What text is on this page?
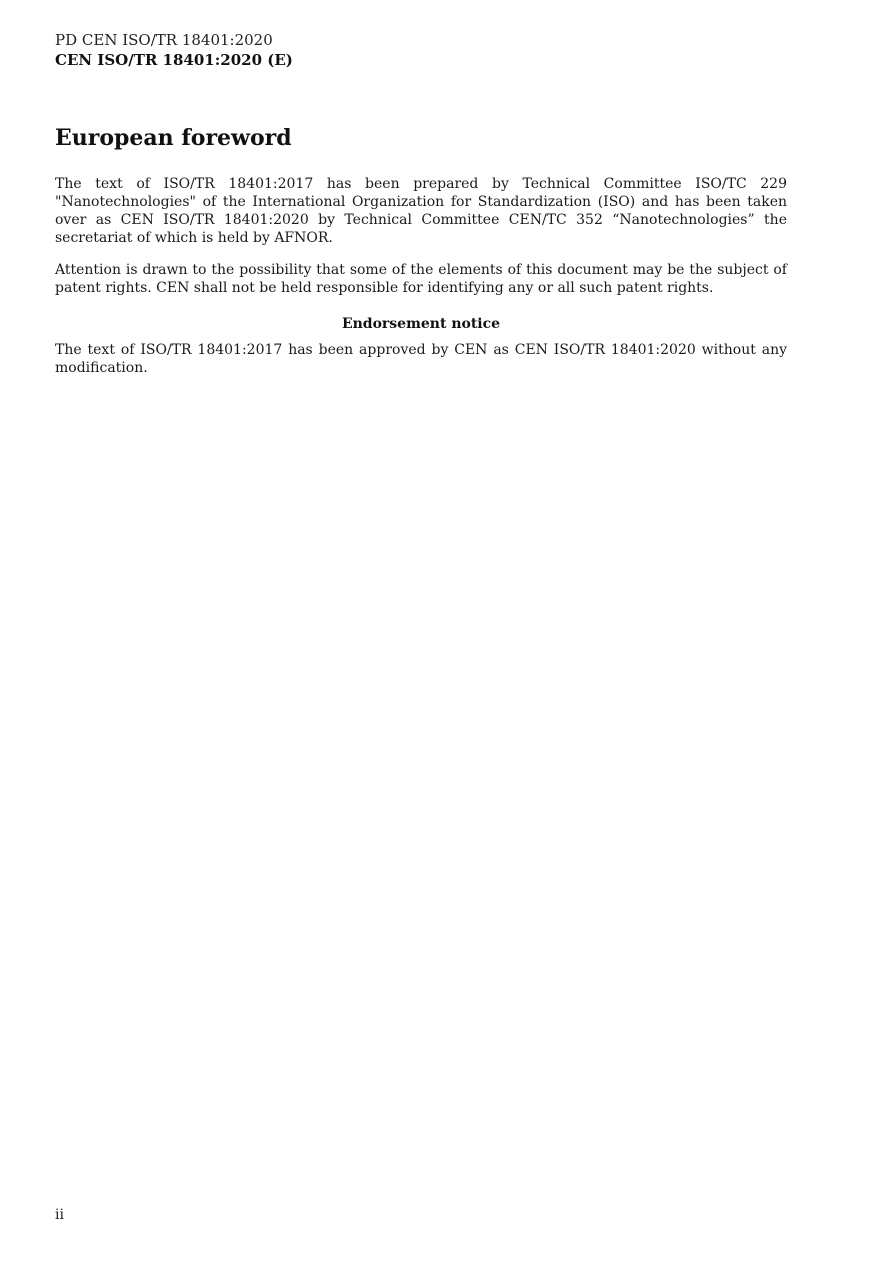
PD CEN ISO/TR 18401:2020
CEN ISO/TR 18401:2020 (E)
European foreword

The text of ISO/TR 18401:2017 has been prepared by Technical Committee ISO/TC 229 "Nanotechnologies" of the International Organization for Standardization (ISO) and has been taken over as CEN ISO/TR 18401:2020 by Technical Committee CEN/TC 352 “Nanotechnologies” the secretariat of which is held by AFNOR.

Attention is drawn to the possibility that some of the elements of this document may be the subject of patent rights. CEN shall not be held responsible for identifying any or all such patent rights.

Endorsement notice

The text of ISO/TR 18401:2017 has been approved by CEN as CEN ISO/TR 18401:2020 without any modification.

ii
